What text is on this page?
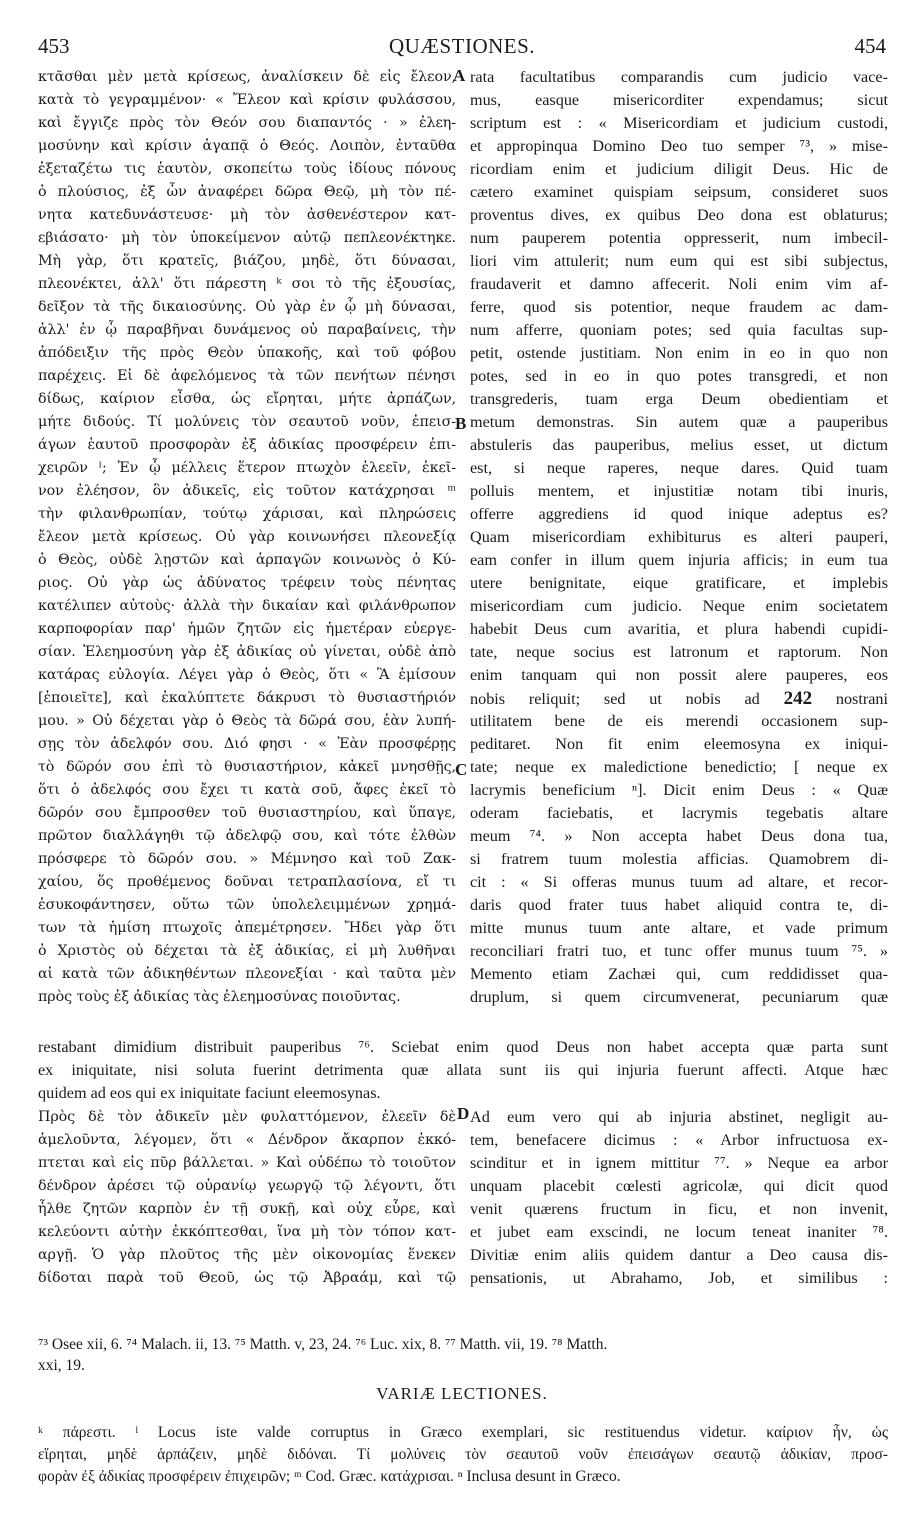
453	QUÆSTIONES.	454
κτᾶσθαι μὲν μετὰ κρίσεως, ἀναλίσκειν δὲ εἰς ἔλεον,
κατὰ τὸ γεγραμμένον· « Ἔλεον καὶ κρίσιν φυλάσσου,
καὶ ἔγγιζε πρὸς τὸν Θεόν σου διαπαντός · » ἐλεη-
μοσύνην καὶ κρίσιν ἀγαπᾷ ὁ Θεός. Λοιπὸν, ἐνταῦθα
ἐξεταζέτω τις ἑαυτὸν, σκοπείτω τοὺς ἰδίους πόνους
ὁ πλούσιος, ἐξ ὧν ἀναφέρει δῶρα Θεῷ, μὴ τὸν πέ-
νητα κατεδυνάστευσε· μὴ τὸν ἀσθενέστερον κατ-
εβιάσατο· μὴ τὸν ὑποκείμενον αὐτῷ πεπλεονέκτηκε.
Μὴ γὰρ, ὅτι κρατεῖς, βιάζου, μηδὲ, ὅτι δύνασαι,
πλεονέκτει, ἀλλ' ὅτι πάρεστη ᵏ σοι τὸ τῆς ἐξουσίας,
δεῖξον τὰ τῆς δικαιοσύνης. Οὐ γὰρ ἐν ᾧ μὴ δύνασαι,
ἀλλ' ἐν ᾧ παραβῆναι δυνάμενος οὐ παραβαίνεις, τὴν
ἀπόδειξιν τῆς πρὸς Θεὸν ὑπακοῆς, καὶ τοῦ φόβου
παρέχεις. Εἰ δὲ ἀφελόμενος τὰ τῶν πενήτων πένησι
δίδως, καίριον εἶσθα, ὡς εἴρηται, μήτε ἁρπάζων,
μήτε διδούς. Τί μολύνεις τὸν σεαυτοῦ νοῦν, ἐπεισ-
άγων ἑαυτοῦ προσφορὰν ἐξ ἀδικίας προσφέρειν ἐπι-
χειρῶν ˡ; Ἐν ᾧ μέλλεις ἕτερον πτωχὸν ἐλεεῖν, ἐκεῖ-
νον ἐλέησον, ὃν ἀδικεῖς, εἰς τοῦτον κατάχρησαι ᵐ
τὴν φιλανθρωπίαν, τούτῳ χάρισαι, καὶ πληρώσεις
ἔλεον μετὰ κρίσεως. Οὐ γὰρ κοινωνήσει πλεονεξίᾳ
ὁ Θεὸς, οὐδὲ λῃστῶν καὶ ἁρπαγῶν κοινωνὸς ὁ Κύ-
ριος. Οὐ γὰρ ὡς ἀδύνατος τρέφειν τοὺς πένητας
κατέλιπεν αὐτοὺς· ἀλλὰ τὴν δικαίαν καὶ φιλάνθρωπον
καρποφορίαν παρ' ἡμῶν ζητῶν εἰς ἡμετέραν εὐεργε-
σίαν. Ἐλεημοσύνη γὰρ ἐξ ἀδικίας οὐ γίνεται, οὐδὲ ἀπὸ
κατάρας εὐλογία. Λέγει γὰρ ὁ Θεὸς, ὅτι « Ἃ ἐμίσουν
[ἐποιεῖτε], καὶ ἐκαλύπτετε δάκρυσι τὸ θυσιαστήριόν
μου. » Οὐ δέχεται γὰρ ὁ Θεὸς τὰ δῶρά σου, ἐὰν λυπή-
σῃς τὸν ἀδελφόν σου. Διό φησι · « Ἐὰν προσφέρῃς
τὸ δῶρόν σου ἐπὶ τὸ θυσιαστήριον, κἀκεῖ μνησθῇς,
ὅτι ὁ ἀδελφός σου ἔχει τι κατὰ σοῦ, ἄφες ἐκεῖ τὸ
δῶρόν σου ἔμπροσθεν τοῦ θυσιαστηρίου, καὶ ὕπαγε,
πρῶτον διαλλάγηθι τῷ ἀδελφῷ σου, καὶ τότε ἐλθὼν
πρόσφερε τὸ δῶρόν σου. » Μέμνησο καὶ τοῦ Ζακ-
χαίου, ὅς προθέμενος δοῦναι τετραπλασίονα, εἴ τι
ἐσυκοφάντησεν, οὕτω τῶν ὑπολελειμμένων χρημά-
των τὰ ἡμίση πτωχοῖς ἀπεμέτρησεν. Ἤδει γὰρ ὅτι
ὁ Χριστὸς οὐ δέχεται τὰ ἐξ ἀδικίας, εἰ μὴ λυθῆναι
αἱ κατὰ τῶν ἀδικηθέντων πλεονεξίαι · καὶ ταῦτα μὲν
πρὸς τοὺς ἐξ ἀδικίας τὰς ἐλεημοσύνας ποιοῦντας.
rata facultatibus comparandis cum judicio vace-
mus, easque misericorditer expendamus; sicut
scriptum est : « Misericordiam et judicium custodi,
et appropinqua Domino Deo tuo semper ⁷³, » mise-
ricordiam enim et judicium diligit Deus. Hic de
cætero examinet quispiam seipsum, consideret suos
proventus dives, ex quibus Deo dona est oblaturus;
num pauperem potentia oppresserit, num imbecil-
liori vim attulerit; num eum qui est sibi subjectus,
fraudaverit et damno affecerit. Noli enim vim af-
ferre, quod sis potentior, neque fraudem ac dam-
num afferre, quoniam potes; sed quia facultas sup-
petit, ostende justitiam. Non enim in eo in quo non
potes, sed in eo in quo potes transgredi, et non
transgrederis, tuam erga Deum obedientiam et
metum demonstras. Sin autem quæ a pauperibus
abstuleris das pauperibus, melius esset, ut dictum
est, si neque raperes, neque dares. Quid tuam
polluis mentem, et injustitiæ notam tibi inuris,
offerre aggrediens id quod inique adeptus es?
Quam misericordiam exhibiturus es alteri pauperi,
eam confer in illum quem injuria afficis; in eum tua
utere benignitate, eique gratificare, et implebis
misericordiam cum judicio. Neque enim societatem
habebit Deus cum avaritia, et plura habendi cupidi-
tate, neque socius est latronum et raptorum. Non
enim tanquam qui non possit alere pauperes, eos
nobis reliquit; sed ut nobis ad 242 nostrani
utilitatem bene de eis merendi occasionem sup-
peditaret. Non fit enim eleemosyna ex iniqui-
tate; neque ex maledictione benedictio; [ neque ex
lacrymis beneficium ⁿ]. Dicit enim Deus : « Quæ
oderam faciebatis, et lacrymis tegebatis altare
meum ⁷⁴. » Non accepta habet Deus dona tua,
si fratrem tuum molestia afficias. Quamobrem di-
cit : « Si offeras munus tuum ad altare, et recor-
daris quod frater tuus habet aliquid contra te, di-
mitte munus tuum ante altare, et vade primum
reconciliari fratri tuo, et tunc offer munus tuum ⁷⁵. »
Memento etiam Zachæi qui, cum reddidisset qua-
druplum, si quem circumvenerat, pecuniarum quæ
A
B
C
D
restabant dimidium distribuit pauperibus ⁷⁶. Sciebat enim quod Deus non habet accepta quæ parta sunt
ex iniquitate, nisi soluta fuerint detrimenta quæ allata sunt iis qui injuria fuerunt affecti. Atque hæc
quidem ad eos qui ex iniquitate faciunt eleemosynas.
Πρὸς δὲ τὸν ἀδικεῖν μὲν φυλαττόμενον, ἐλεεῖν δὲ
ἀμελοῦντα, λέγομεν, ὅτι « Δένδρον ἄκαρπον ἐκκό-
πτεται καὶ εἰς πῦρ βάλλεται. » Καὶ οὐδέπω τὸ τοιοῦτον
δένδρον ἀρέσει τῷ οὐρανίῳ γεωργῷ τῷ λέγοντι, ὅτι
ἦλθε ζητῶν καρπὸν ἐν τῇ συκῇ, καὶ οὐχ εὗρε, καὶ
κελεύοντι αὐτὴν ἐκκόπτεσθαι, ἵνα μὴ τὸν τόπον κατ-
αργῇ. Ὁ γὰρ πλοῦτος τῆς μὲν οἰκονομίας ἕνεκεν
δίδοται παρὰ τοῦ Θεοῦ, ὡς τῷ Ἀβραάμ, καὶ τῷ
Ad eum vero qui ab injuria abstinet, negligit au-
tem, benefacere dicimus : « Arbor infructuosa ex-
scinditur et in ignem mittitur ⁷⁷. » Neque ea arbor
unquam placebit cœlesti agricolæ, qui dicit quod
venit quærens fructum in ficu, et non invenit,
et jubet eam exscindi, ne locum teneat inaniter ⁷⁸.
Divitiæ enim aliis quidem dantur a Deo causa dis-
pensationis, ut Abrahamo, Job, et similibus :
⁷³ Osee xii, 6. ⁷⁴ Malach. ii, 13. ⁷⁵ Matth. v, 23, 24. ⁷⁶ Luc. xix, 8. ⁷⁷ Matth. vii, 19. ⁷⁸ Matth.
xxi, 19.
VARIÆ LECTIONES.
ᵏ πάρεστι. ˡ Locus iste valde corruptus in Græco exemplari, sic restituendus videtur. καίριον ἦν, ὡς
εἴρηται, μηδὲ ἁρπάζειν, μηδὲ διδόναι. Τί μολύνεις τὸν σεαυτοῦ νοῦν ἐπεισάγων σεαυτῷ ἀδικίαν, προσ-
φορὰν ἐξ ἀδικίας προσφέρειν ἐπιχειρῶν; ᵐ Cod. Græc. κατάχρισαι. ⁿ Inclusa desunt in Græco.
